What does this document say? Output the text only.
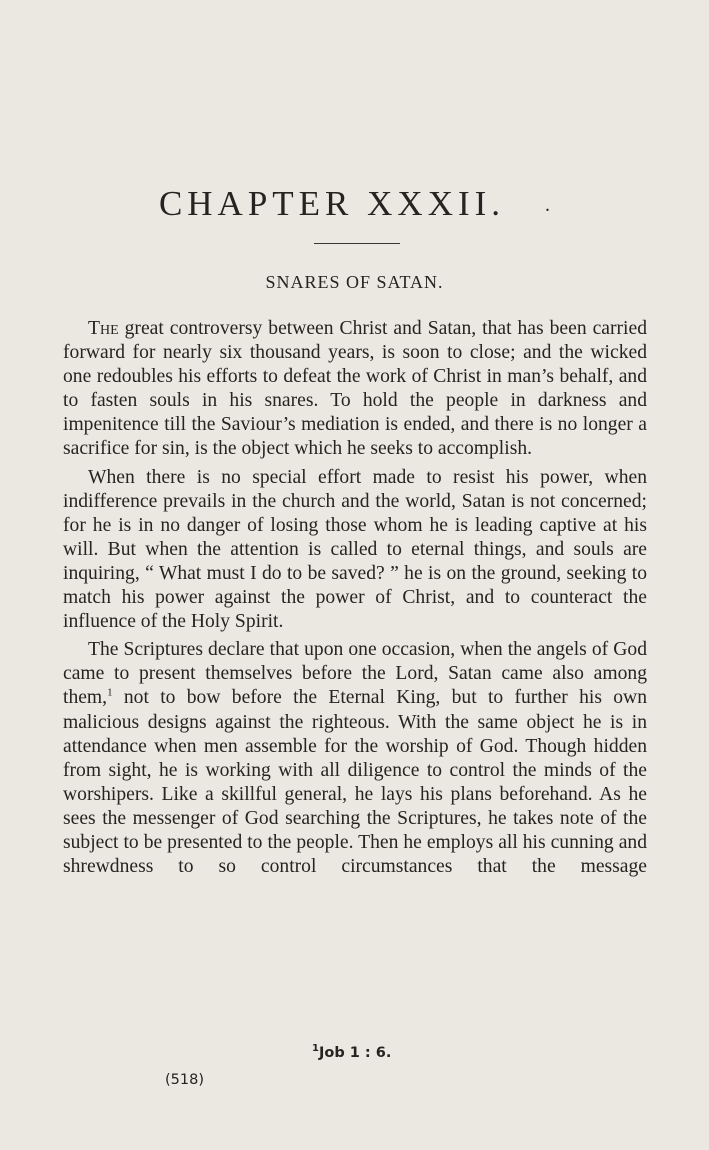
CHAPTER XXXII. .
SNARES OF SATAN.

The great controversy between Christ and Satan, that has been carried forward for nearly six thousand years, is soon to close; and the wicked one redoubles his efforts to defeat the work of Christ in man’s behalf, and to fasten souls in his snares. To hold the people in darkness and impenitence till the Saviour’s mediation is ended, and there is no longer a sacrifice for sin, is the object which he seeks to accomplish.

When there is no special effort made to resist his power, when indifference prevails in the church and the world, Satan is not concerned; for he is in no danger of losing those whom he is leading captive at his will. But when the attention is called to eternal things, and souls are inquiring, “ What must I do to be saved? ” he is on the ground, seeking to match his power against the power of Christ, and to counteract the influence of the Holy Spirit.

The Scriptures declare that upon one occasion, when the angels of God came to present themselves before the Lord, Satan came also among them,$^1$ not to bow before the Eternal King, but to further his own malicious designs against the righteous. With the same object he is in attendance when men assemble for the worship of God. Though hidden from sight, he is working with all diligence to control the minds of the worshipers. Like a skillful general, he lays his plans beforehand. As he sees the messenger of God searching the Scriptures, he takes note of the subject to be presented to the people. Then he employs all his cunning and shrewdness to so control circumstances that the message

$^1$Job 1 : 6.
(518)
